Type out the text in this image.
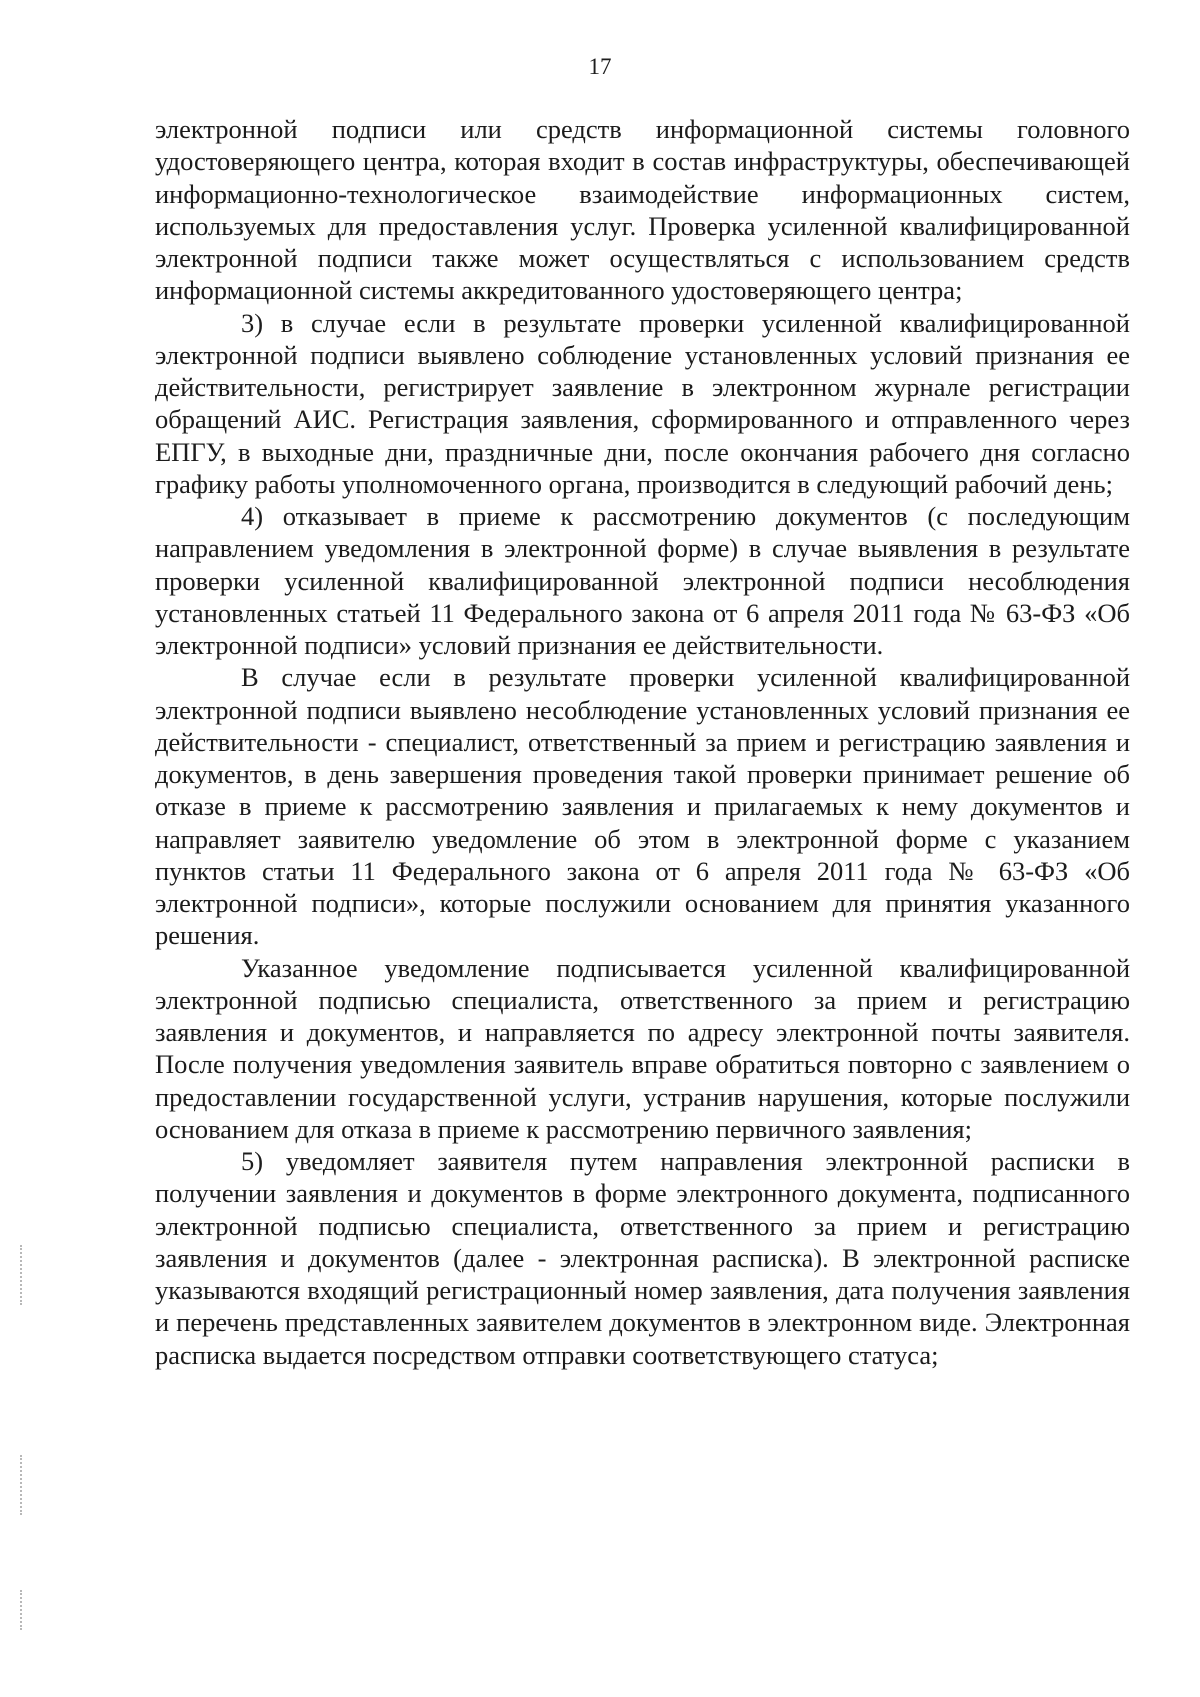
17

электронной подписи или средств информационной системы головного удостоверяющего центра, которая входит в состав инфраструктуры, обеспечивающей информационно-технологическое взаимодействие информационных систем, используемых для предоставления услуг. Проверка усиленной квалифицированной электронной подписи также может осуществляться с использованием средств информационной системы аккредитованного удостоверяющего центра;

3) в случае если в результате проверки усиленной квалифицированной электронной подписи выявлено соблюдение установленных условий признания ее действительности, регистрирует заявление в электронном журнале регистрации обращений АИС. Регистрация заявления, сформированного и отправленного через ЕПГУ, в выходные дни, праздничные дни, после окончания рабочего дня согласно графику работы уполномоченного органа, производится в следующий рабочий день;

4) отказывает в приеме к рассмотрению документов (с последующим направлением уведомления в электронной форме) в случае выявления в результате проверки усиленной квалифицированной электронной подписи несоблюдения установленных статьей 11 Федерального закона от 6 апреля 2011 года № 63-ФЗ «Об электронной подписи» условий признания ее действительности.

В случае если в результате проверки усиленной квалифицированной электронной подписи выявлено несоблюдение установленных условий признания ее действительности - специалист, ответственный за прием и регистрацию заявления и документов, в день завершения проведения такой проверки принимает решение об отказе в приеме к рассмотрению заявления и прилагаемых к нему документов и направляет заявителю уведомление об этом в электронной форме с указанием пунктов статьи 11 Федерального закона от 6 апреля 2011 года № 63-ФЗ «Об электронной подписи», которые послужили основанием для принятия указанного решения.

Указанное уведомление подписывается усиленной квалифицированной электронной подписью специалиста, ответственного за прием и регистрацию заявления и документов, и направляется по адресу электронной почты заявителя. После получения уведомления заявитель вправе обратиться повторно с заявлением о предоставлении государственной услуги, устранив нарушения, которые послужили основанием для отказа в приеме к рассмотрению первичного заявления;

5) уведомляет заявителя путем направления электронной расписки в получении заявления и документов в форме электронного документа, подписанного электронной подписью специалиста, ответственного за прием и регистрацию заявления и документов (далее - электронная расписка). В электронной расписке указываются входящий регистрационный номер заявления, дата получения заявления и перечень представленных заявителем документов в электронном виде. Электронная расписка выдается посредством отправки соответствующего статуса;
